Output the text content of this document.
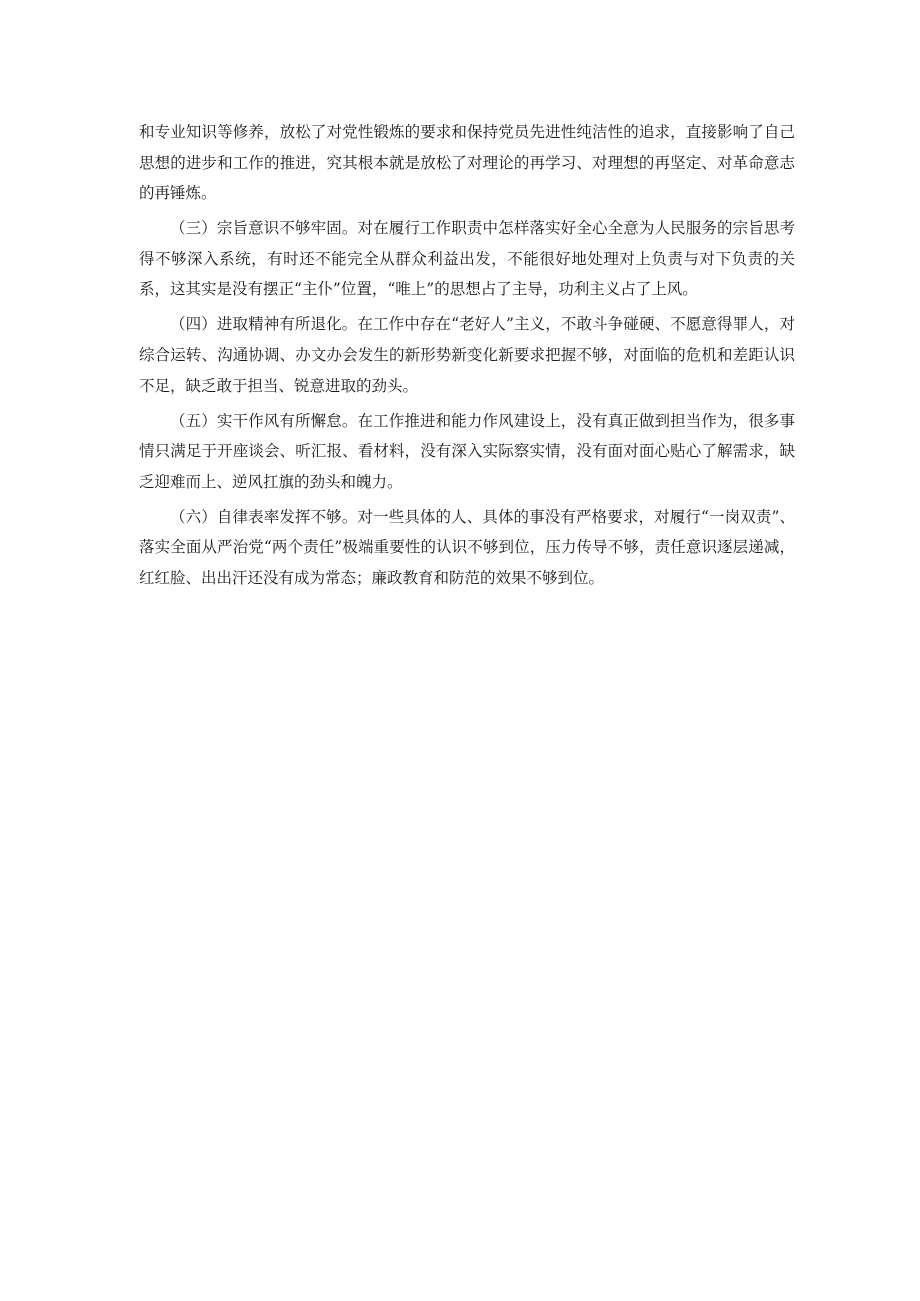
和专业知识等修养，放松了对党性锻炼的要求和保持党员先进性纯洁性的追求，直接影响了自己思想的进步和工作的推进，究其根本就是放松了对理论的再学习、对理想的再坚定、对革命意志的再锤炼。

（三）宗旨意识不够牢固。对在履行工作职责中怎样落实好全心全意为人民服务的宗旨思考得不够深入系统，有时还不能完全从群众利益出发，不能很好地处理对上负责与对下负责的关系，这其实是没有摆正“主仆”位置，“唯上”的思想占了主导，功利主义占了上风。

（四）进取精神有所退化。在工作中存在“老好人”主义，不敢斗争碰硬、不愿意得罪人，对综合运转、沟通协调、办文办会发生的新形势新变化新要求把握不够，对面临的危机和差距认识不足，缺乏敢于担当、锐意进取的劲头。

（五）实干作风有所懈怠。在工作推进和能力作风建设上，没有真正做到担当作为，很多事情只满足于开座谈会、听汇报、看材料，没有深入实际察实情，没有面对面心贴心了解需求，缺乏迎难而上、逆风扛旗的劲头和魄力。

（六）自律表率发挥不够。对一些具体的人、具体的事没有严格要求，对履行“一岗双责”、落实全面从严治党“两个责任”极端重要性的认识不够到位，压力传导不够，责任意识逐层递减，红红脸、出出汗还没有成为常态；廉政教育和防范的效果不够到位。
